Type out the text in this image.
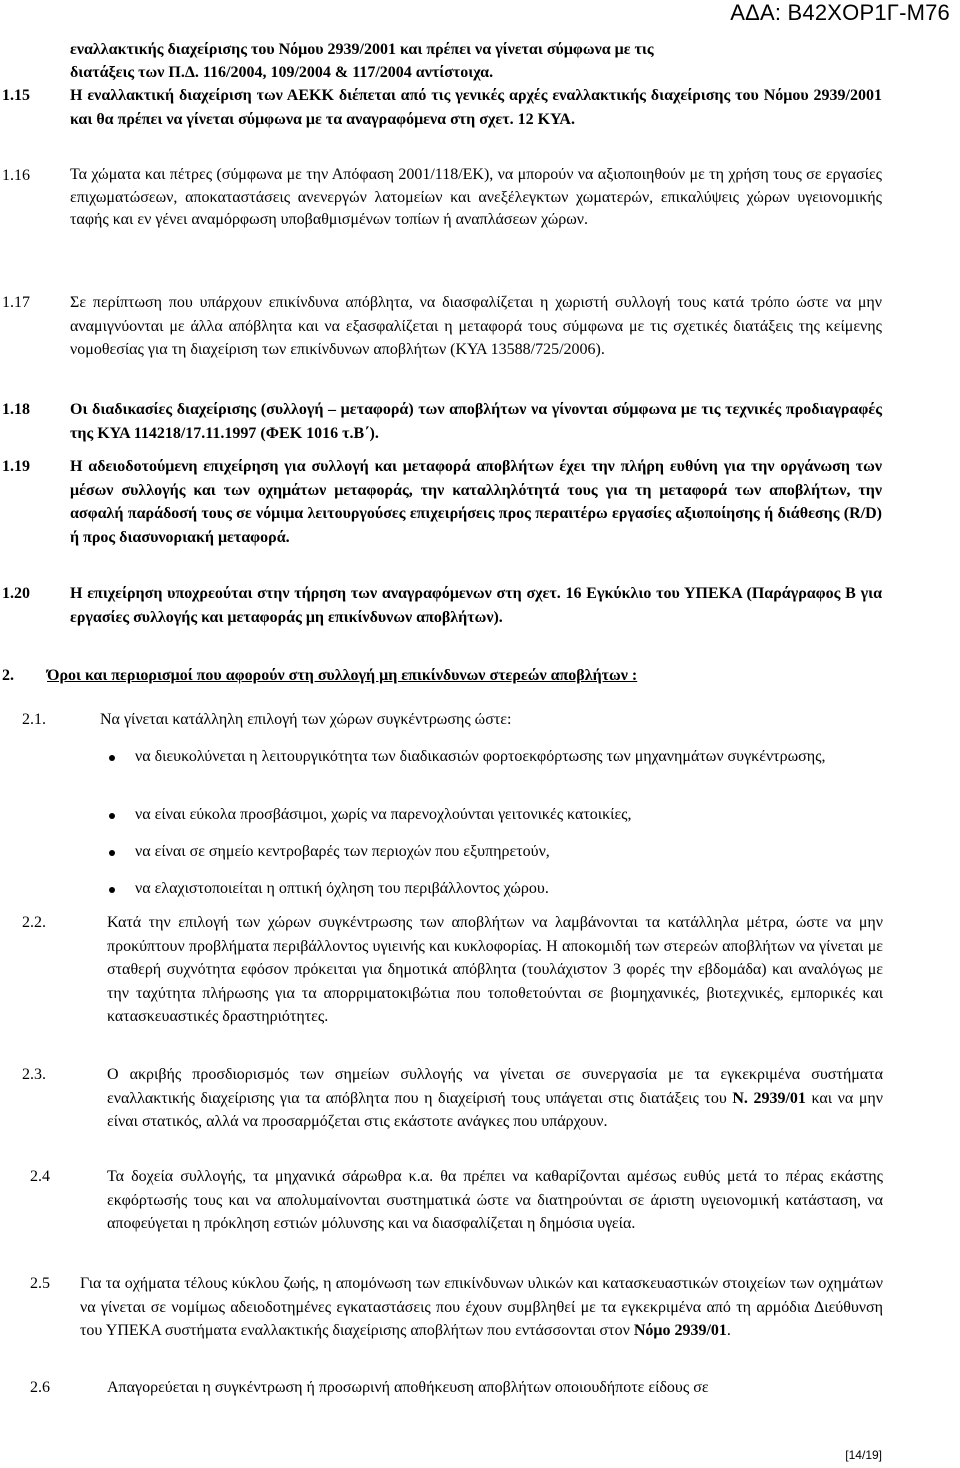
ΑΔΑ: Β42ΧΟΡ1Γ-Μ76

εναλλακτικής διαχείρισης του Νόμου 2939/2001 και πρέπει να γίνεται σύμφωνα με τις

διατάξεις των Π.Δ. 116/2004, 109/2004 & 117/2004 αντίστοιχα.

1.15	Η εναλλακτική διαχείριση των ΑΕΚΚ διέπεται από τις γενικές αρχές εναλλακτικής διαχείρισης του Νόμου 2939/2001 και θα πρέπει να γίνεται σύμφωνα με τα αναγραφόμενα στη σχετ. 12 ΚΥΑ.

1.16	Τα χώματα και πέτρες (σύμφωνα με την Απόφαση 2001/118/ΕΚ), να μπορούν να αξιοποιηθούν με τη χρήση τους σε εργασίες επιχωματώσεων, αποκαταστάσεις ανενεργών λατομείων και ανεξέλεγκτων χωματερών, επικαλύψεις χώρων υγειονομικής ταφής και εν γένει αναμόρφωση υποβαθμισμένων τοπίων ή αναπλάσεων χώρων.

1.17	Σε περίπτωση που υπάρχουν επικίνδυνα απόβλητα, να διασφαλίζεται η χωριστή συλλογή τους κατά τρόπο ώστε να μην αναμιγνύονται με άλλα απόβλητα και να εξασφαλίζεται η μεταφορά τους σύμφωνα με τις σχετικές διατάξεις της κείμενης νομοθεσίας για τη διαχείριση των επικίνδυνων αποβλήτων (ΚΥΑ 13588/725/2006).

1.18	Οι διαδικασίες διαχείρισης (συλλογή – μεταφορά) των αποβλήτων να γίνονται σύμφωνα με τις τεχνικές προδιαγραφές της ΚΥΑ 114218/17.11.1997 (ΦΕΚ 1016 τ.Β΄).

1.19	Η αδειοδοτούμενη επιχείρηση για συλλογή και μεταφορά αποβλήτων έχει την πλήρη ευθύνη για την οργάνωση των μέσων συλλογής και των οχημάτων μεταφοράς, την καταλληλότητά τους για τη μεταφορά των αποβλήτων, την ασφαλή παράδοσή τους σε νόμιμα λειτουργούσες επιχειρήσεις προς περαιτέρω εργασίες αξιοποίησης ή διάθεσης (R/D) ή προς διασυνοριακή μεταφορά.

1.20	Η επιχείρηση υποχρεούται στην τήρηση των αναγραφόμενων στη σχετ. 16 Εγκύκλιο του ΥΠΕΚΑ (Παράγραφος Β για εργασίες συλλογής και μεταφοράς μη επικίνδυνων αποβλήτων).

2. Όροι και περιορισμοί που αφορούν στη συλλογή μη επικίνδυνων στερεών αποβλήτων :

2.1.	Να γίνεται κατάλληλη επιλογή των χώρων συγκέντρωσης ώστε:

να διευκολύνεται η λειτουργικότητα των διαδικασιών φορτοεκφόρτωσης των μηχανημάτων συγκέντρωσης,

να είναι εύκολα προσβάσιμοι, χωρίς να παρενοχλούνται γειτονικές κατοικίες,

να είναι σε σημείο κεντροβαρές των περιοχών που εξυπηρετούν,

να ελαχιστοποιείται η οπτική όχληση του περιβάλλοντος χώρου.

2.2.	Κατά την επιλογή των χώρων συγκέντρωσης των αποβλήτων να λαμβάνονται τα κατάλληλα μέτρα, ώστε να μην προκύπτουν προβλήματα περιβάλλοντος υγιεινής και κυκλοφορίας. Η αποκομιδή των στερεών αποβλήτων να γίνεται με σταθερή συχνότητα εφόσον πρόκειται για δημοτικά απόβλητα (τουλάχιστον 3 φορές την εβδομάδα) και αναλόγως με την ταχύτητα πλήρωσης για τα απορριματοκιβώτια που τοποθετούνται σε βιομηχανικές, βιοτεχνικές, εμπορικές και κατασκευαστικές δραστηριότητες.

2.3.	Ο ακριβής προσδιορισμός των σημείων συλλογής να γίνεται σε συνεργασία με τα εγκεκριμένα συστήματα εναλλακτικής διαχείρισης για τα απόβλητα που η διαχείρισή τους υπάγεται στις διατάξεις του Ν. 2939/01 και να μην είναι στατικός, αλλά να προσαρμόζεται στις εκάστοτε ανάγκες που υπάρχουν.

2.4	Τα δοχεία συλλογής, τα μηχανικά σάρωθρα κ.α. θα πρέπει να καθαρίζονται αμέσως ευθύς μετά το πέρας εκάστης εκφόρτωσής τους και να απολυμαίνονται συστηματικά ώστε να διατηρούνται σε άριστη υγειονομική κατάσταση, να αποφεύγεται η πρόκληση εστιών μόλυνσης και να διασφαλίζεται η δημόσια υγεία.

2.5 Για τα οχήματα τέλους κύκλου ζωής, η απομόνωση των επικίνδυνων υλικών και κατασκευαστικών στοιχείων των οχημάτων να γίνεται σε νομίμως αδειοδοτημένες εγκαταστάσεις που έχουν συμβληθεί με τα εγκεκριμένα από τη αρμόδια Διεύθυνση του ΥΠΕΚΑ συστήματα εναλλακτικής διαχείρισης αποβλήτων που εντάσσονται στον Νόμο 2939/01.

2.6	Απαγορεύεται η συγκέντρωση ή προσωρινή αποθήκευση αποβλήτων οποιουδήποτε είδους σε

[14/19]
